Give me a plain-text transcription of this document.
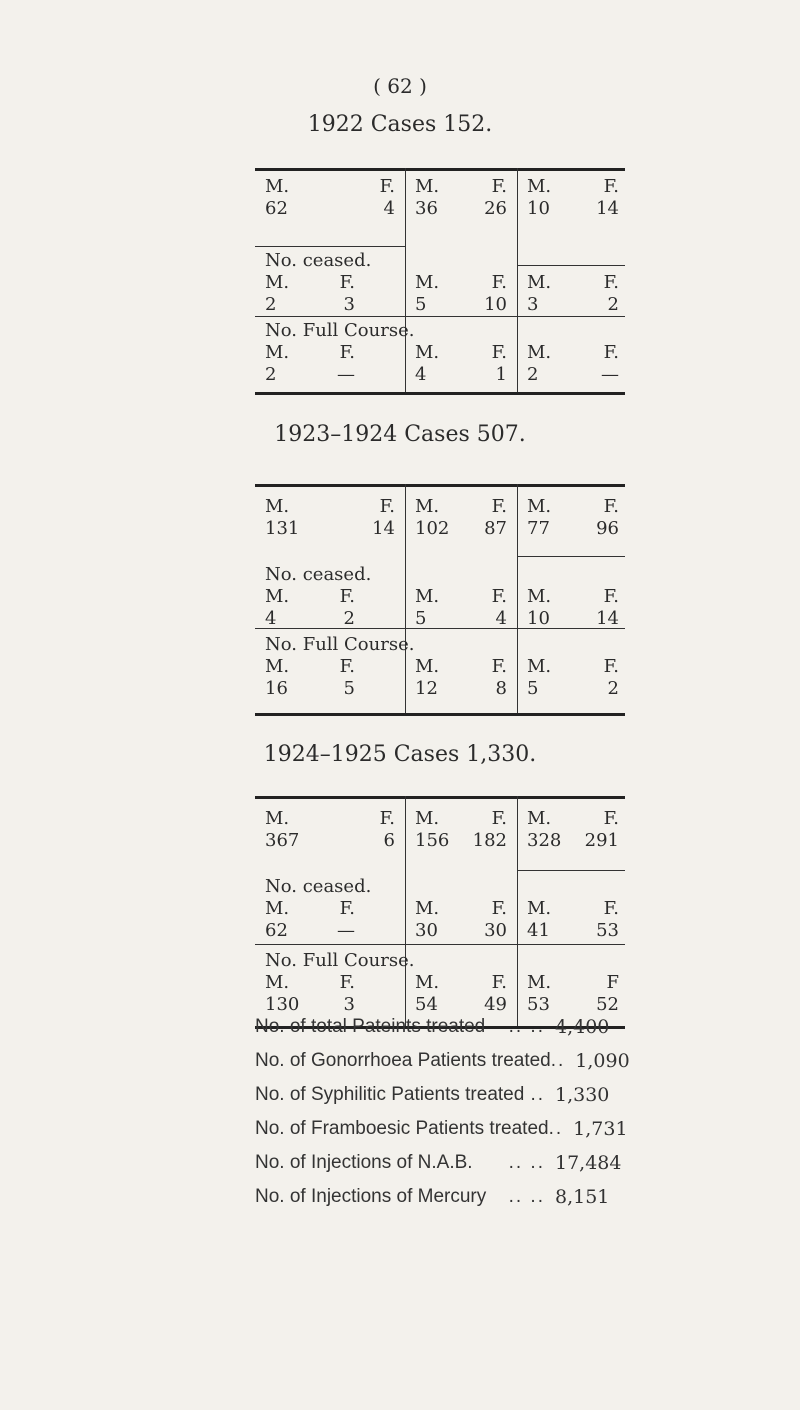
( 62 )
1922 Cases 152.
M.	F.
62	4
M.	F.
36	26
M.	F.
10	14
No. ceased.
M.	F.
2	3
M.	F.
5	10
M.	F.
3	2
No. Full Course.
M.	F.
2	—
M.	F.
4	1
M.	F.
2	—
1923–1924 Cases 507.
M.	F.
131	14
M.	F.
102 87
M.	F.
77	96
No. ceased.
M.	F.
4	2
M.	F.
5	4
M.	F.
10	14
No. Full Course.
M.	F.
16	5
M.	F.
12	8
M.	F.
5	2
1924–1925 Cases 1,330.
M.	F.
367	6
M.	F.
156 182
M.	F.
328 291
No. ceased.
M.	F.
62	—
M.	F.
30	30
M.	F.
41	53
No. Full Course.
M.	F.
130 3
M.	F.
54	49
M.	F
53	52
No. of total Pateints treated	.. .. 4,400
No. of Gonorrhoea Patients treated .. 1,090
No. of Syphilitic Patients treated .. 1,330
No. of Framboesic Patients treated .. 1,731
No. of Injections of N.A.B.	.. .. 17,484
No. of Injections of Mercury	.. .. 8,151
